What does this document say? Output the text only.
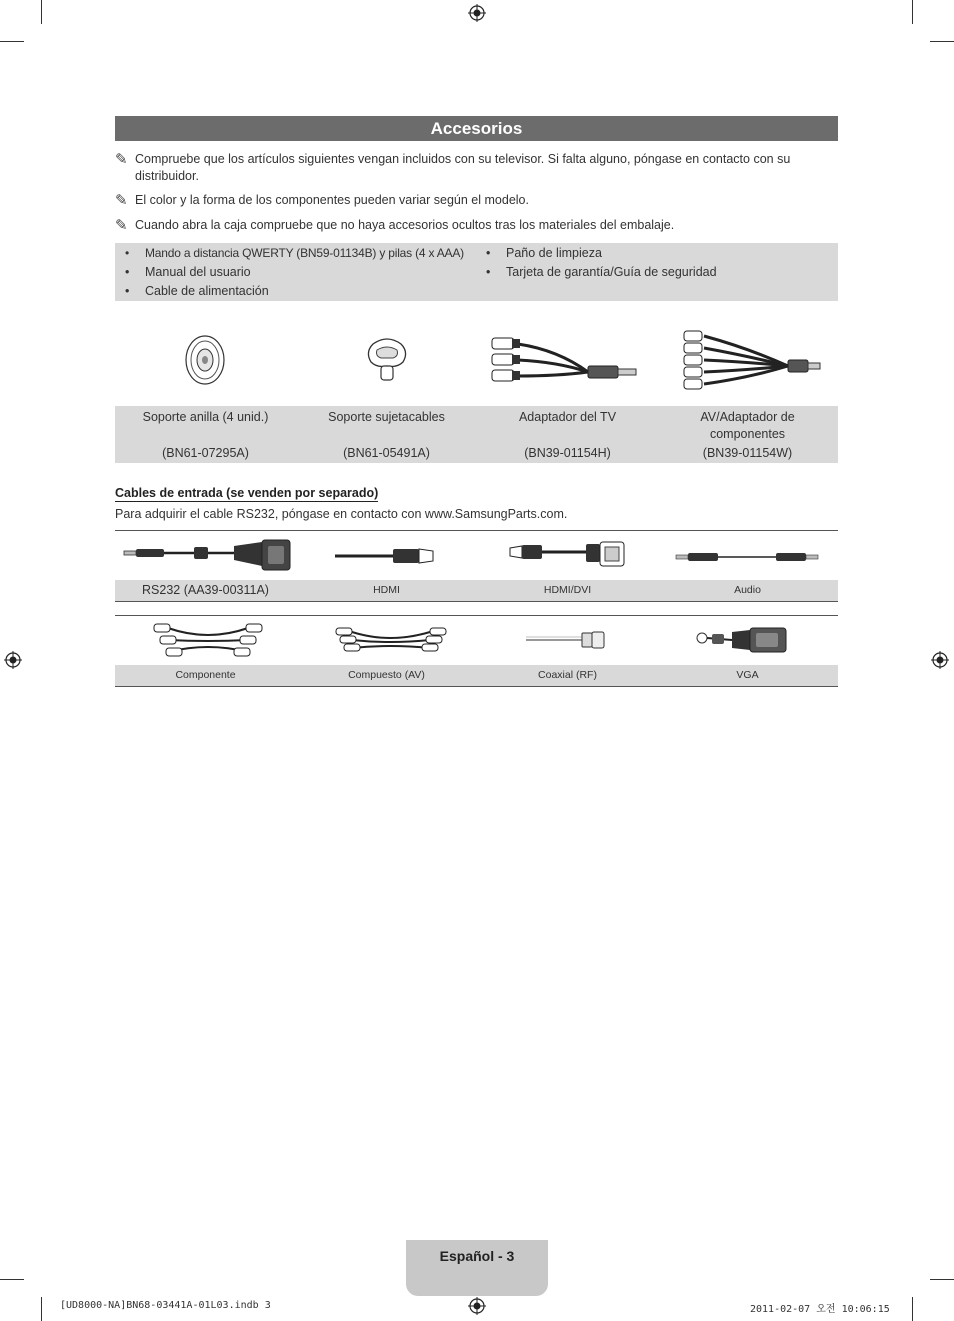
Accesorios
✎ Compruebe que los artículos siguientes vengan incluidos con su televisor. Si falta alguno, póngase en contacto con su distribuidor.
✎ El color y la forma de los componentes pueden variar según el modelo.
✎ Cuando abra la caja compruebe que no haya accesorios ocultos tras los materiales del embalaje.
• Mando a distancia QWERTY (BN59-01134B) y pilas (4 x AAA)
• Manual del usuario
• Cable de alimentación
• Paño de limpieza
• Tarjeta de garantía/Guía de seguridad
Soporte anilla (4 unid.)
(BN61-07295A)
Soporte sujetacables
(BN61-05491A)
Adaptador del TV
(BN39-01154H)
AV/Adaptador de componentes
(BN39-01154W)
Cables de entrada (se venden por separado)
Para adquirir el cable RS232, póngase en contacto con www.SamsungParts.com.
RS232 (AA39-00311A)	HDMI	HDMI/DVI	Audio
Componente	Compuesto (AV)	Coaxial (RF)	VGA
Español - 3
[UD8000-NA]BN68-03441A-01L03.indb 3	2011-02-07 오전 10:06:15
